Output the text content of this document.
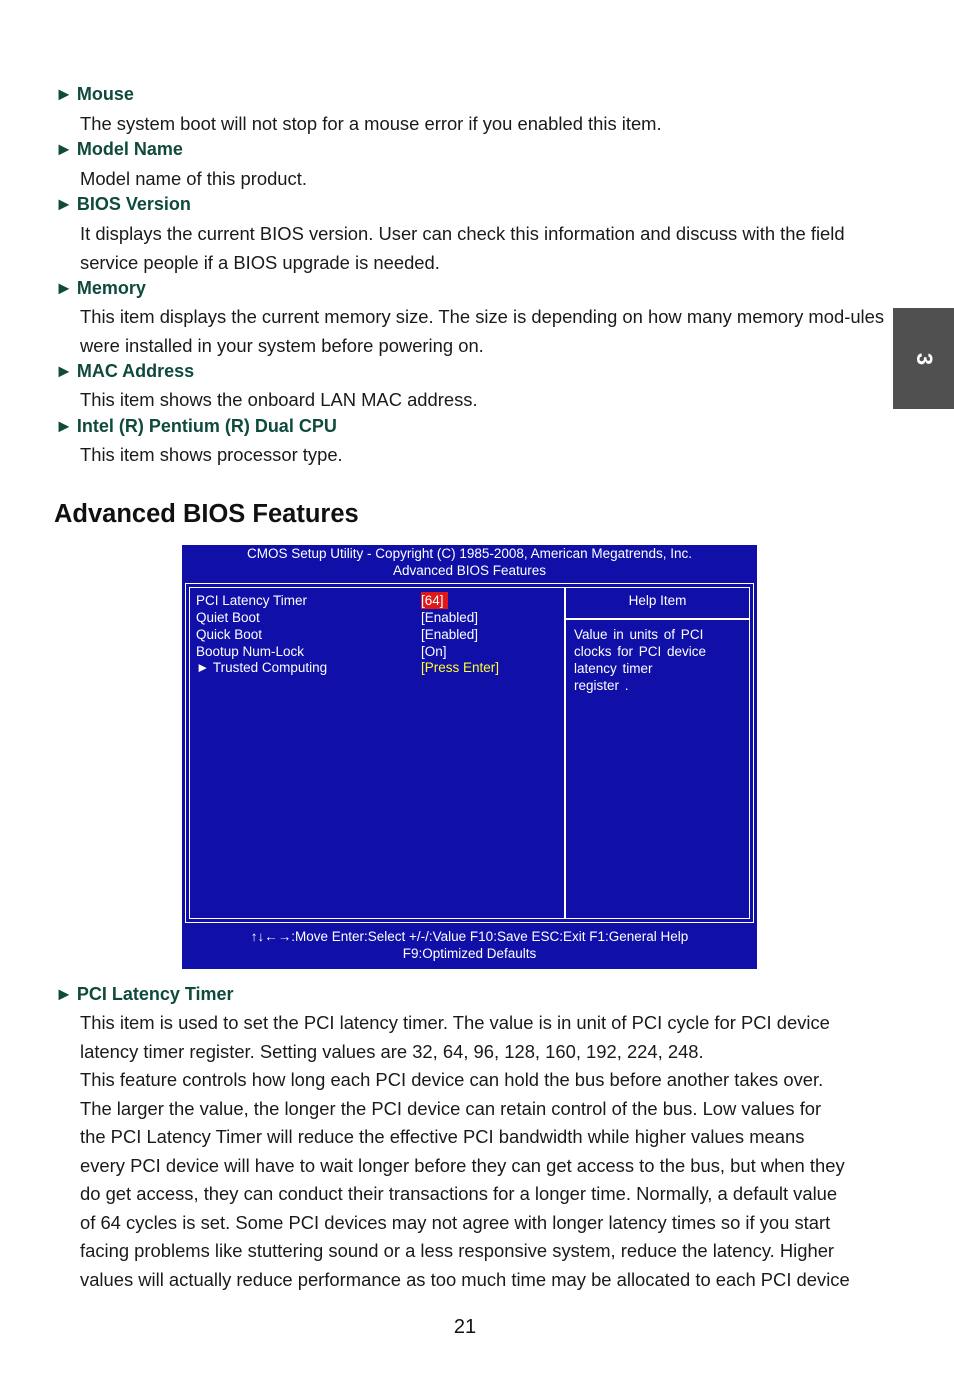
3
► Mouse
The system boot will not stop for a mouse error if you enabled this item.
► Model Name
Model name of this product.
► BIOS Version
It displays the current BIOS version. User can check this information and discuss with the field service people if a BIOS upgrade is needed.
► Memory
This item displays the current memory size. The size is depending on how many memory mod-ules were installed in your system before powering on.
► MAC Address
This item shows the onboard LAN MAC address.
► Intel (R) Pentium (R) Dual CPU
This item shows processor type.
Advanced BIOS Features
CMOS Setup Utility - Copyright (C) 1985-2008, American Megatrends, Inc.
Advanced BIOS Features
Help Item
PCI Latency Timer	[64]
Quiet Boot	[Enabled]
Quick Boot	[Enabled]
Bootup Num-Lock	[On]
► Trusted Computing	[Press Enter]
Value in units of PCI
clocks for PCI device
latency timer
register .
↑↓←→:Move Enter:Select +/-/:Value F10:Save ESC:Exit F1:General Help
F9:Optimized Defaults
► PCI Latency Timer
This item is used to set the PCI latency timer. The value is in unit of PCI cycle for PCI device
latency timer register. Setting values are 32, 64, 96, 128, 160, 192, 224, 248.
This feature controls how long each PCI device can hold the bus before another takes over.
The larger the value, the longer the PCI device can retain control of the bus. Low values for
the PCI Latency Timer will reduce the effective PCI bandwidth while higher values means
every PCI device will have to wait longer before they can get access to the bus, but when they
do get access, they can conduct their transactions for a longer time. Normally, a default value
of 64 cycles is set. Some PCI devices may not agree with longer latency times so if you start
facing problems like stuttering sound or a less responsive system, reduce the latency. Higher
values will actually reduce performance as too much time may be allocated to each PCI device
21
